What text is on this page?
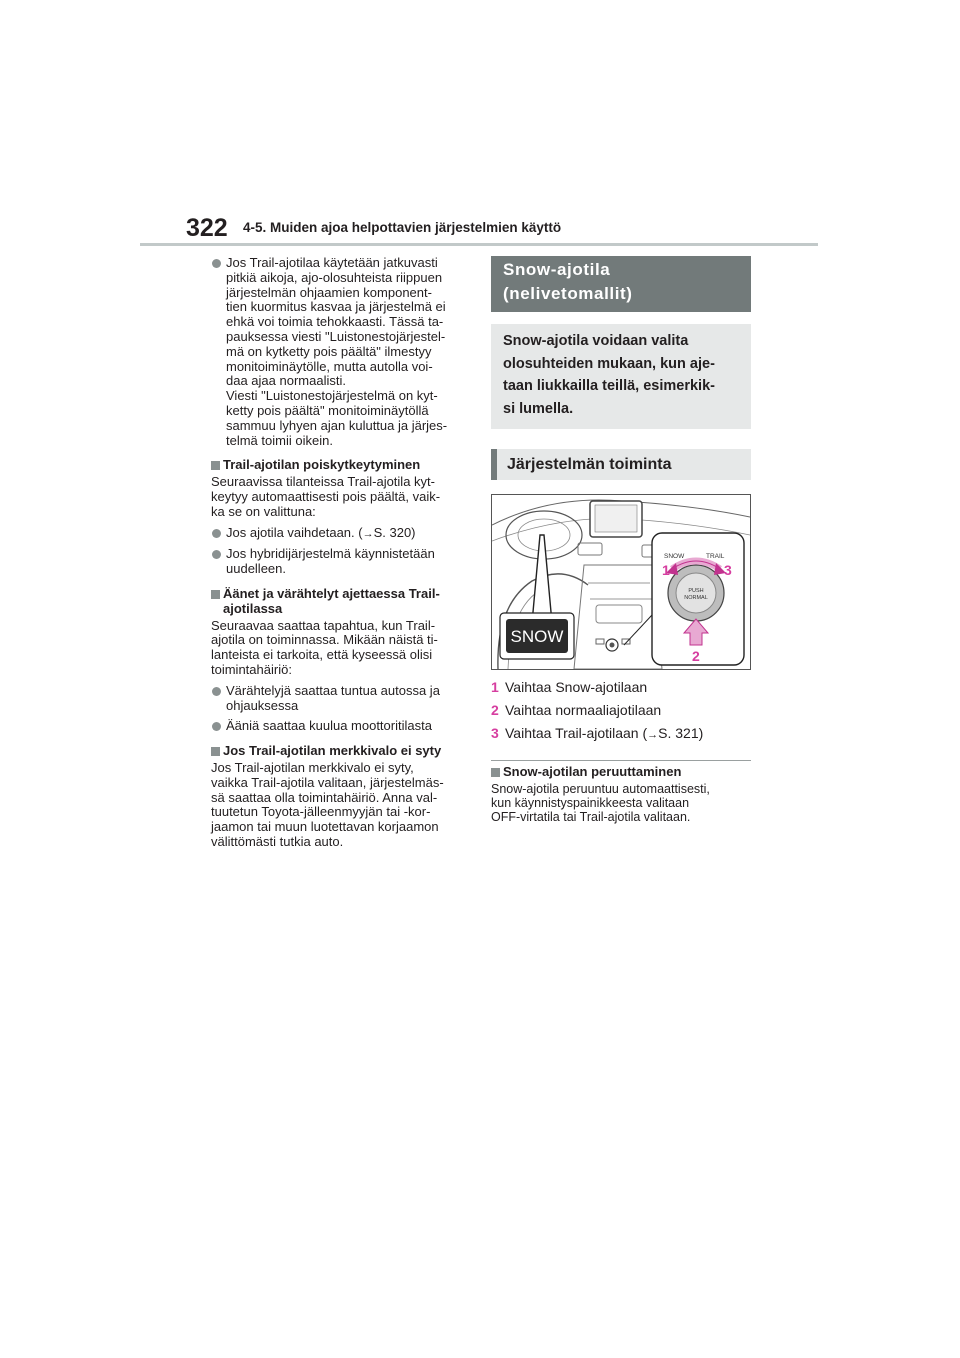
322 4-5. Muiden ajoa helpottavien järjestelmien käyttö
Jos Trail-ajotilaa käytetään jatkuvasti
pitkiä aikoja, ajo-olosuhteista riippuen
järjestelmän ohjaamien komponent-
tien kuormitus kasvaa ja järjestelmä ei
ehkä voi toimia tehokkaasti. Tässä ta-
pauksessa viesti "Luistonestojärjestel-
mä on kytketty pois päältä" ilmestyy
monitoiminäytölle, mutta autolla voi-
daa ajaa normaalisti.
Viesti "Luistonestojärjestelmä on kyt-
ketty pois päältä" monitoiminäytöllä
sammuu lyhyen ajan kuluttua ja järjes-
telmä toimii oikein.
Trail-ajotilan poiskytkeytyminen
Seuraavissa tilanteissa Trail-ajotila kyt-
keytyy automaattisesti pois päältä, vaik-
ka se on valittuna:
Jos ajotila vaihdetaan. (→S. 320)
Jos hybridijärjestelmä käynnistetään
uudelleen.
Äänet ja värähtelyt ajettaessa Trail-
ajotilassa
Seuraavaa saattaa tapahtua, kun Trail-
ajotila on toiminnassa. Mikään näistä ti-
lanteista ei tarkoita, että kyseessä olisi
toimintahäiriö:
Värähtelyjä saattaa tuntua autossa ja
ohjauksessa
Ääniä saattaa kuulua moottoritilasta
Jos Trail-ajotilan merkkivalo ei syty
Jos Trail-ajotilan merkkivalo ei syty,
vaikka Trail-ajotila valitaan, järjestelmäs-
sä saattaa olla toimintahäiriö. Anna val-
tuutetun Toyota-jälleenmyyjän tai -kor-
jaamon tai muun luotettavan korjaamon
välittömästi tutkia auto.
Snow-ajotila
(nelivetomallit)
Snow-ajotila voidaan valita
olosuhteiden mukaan, kun aje-
taan liukkailla teillä, esimerkik-
si lumella.
Järjestelmän toiminta
SNOW
SNOW	TRAIL
PUSH
NORMAL
1	3
2
1 Vaihtaa Snow-ajotilaan
2 Vaihtaa normaaliajotilaan
3 Vaihtaa Trail-ajotilaan (→S. 321)
Snow-ajotilan peruuttaminen
Snow-ajotila peruuntuu automaattisesti,
kun käynnistyspainikkeesta valitaan
OFF-virtatila tai Trail-ajotila valitaan.
